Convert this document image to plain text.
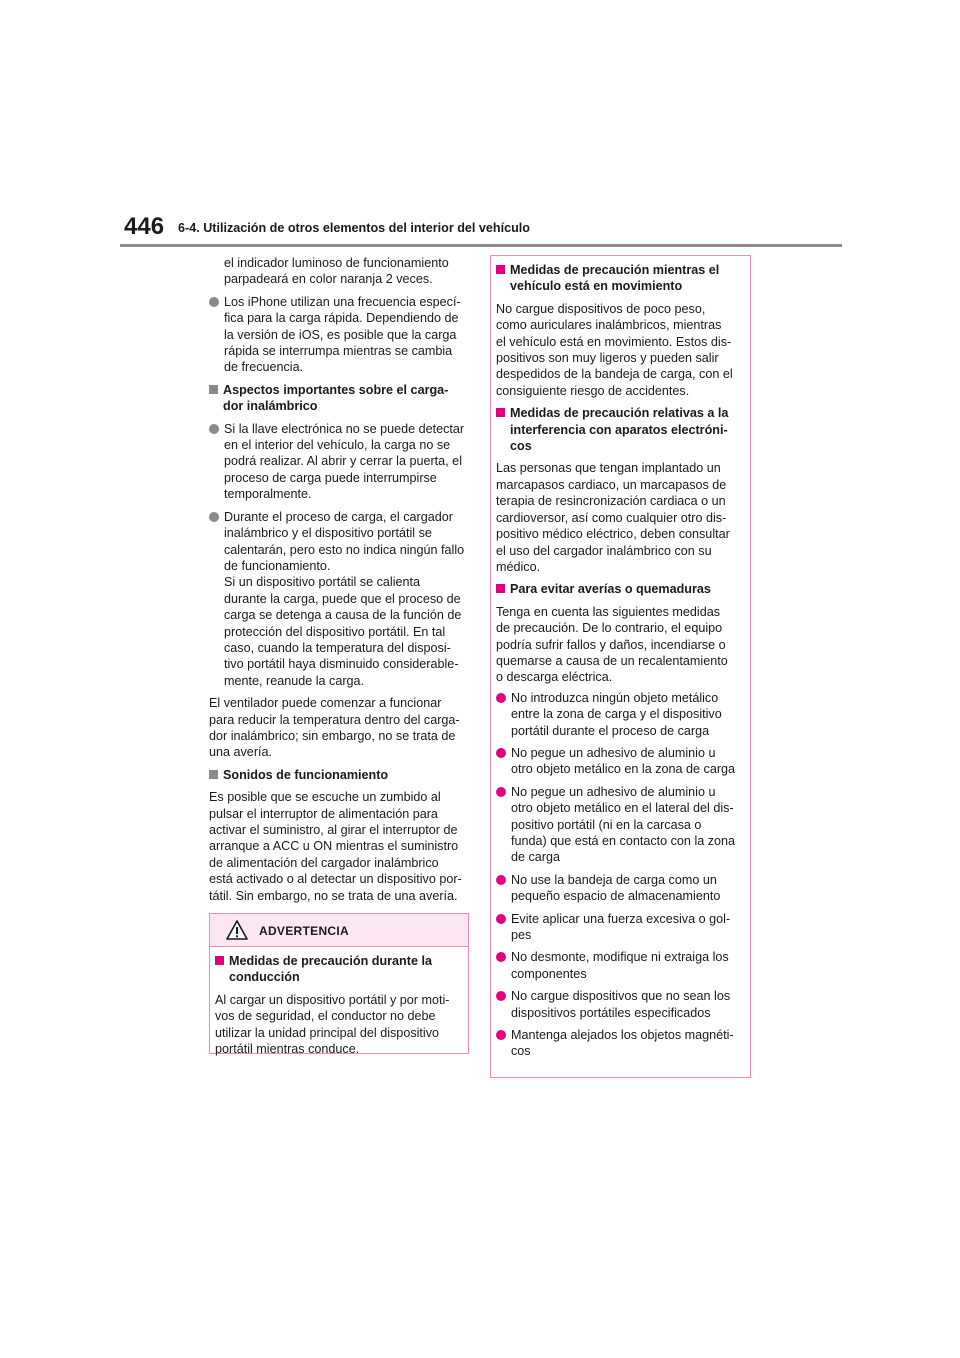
446 6-4. Utilización de otros elementos del interior del vehículo

el indicador luminoso de funcionamiento
parpadeará en color naranja 2 veces.

Los iPhone utilizan una frecuencia especí-
fica para la carga rápida. Dependiendo de
la versión de iOS, es posible que la carga
rápida se interrumpa mientras se cambia
de frecuencia.
Aspectos importantes sobre el carga-
dor inalámbrico
Si la llave electrónica no se puede detectar
en el interior del vehículo, la carga no se
podrá realizar. Al abrir y cerrar la puerta, el
proceso de carga puede interrumpirse
temporalmente.
Durante el proceso de carga, el cargador
inalámbrico y el dispositivo portátil se
calentarán, pero esto no indica ningún fallo
de funcionamiento.

Si un dispositivo portátil se calienta
durante la carga, puede que el proceso de
carga se detenga a causa de la función de
protección del dispositivo portátil. En tal
caso, cuando la temperatura del disposi-
tivo portátil haya disminuido considerable-
mente, reanude la carga.

El ventilador puede comenzar a funcionar
para reducir la temperatura dentro del carga-
dor inalámbrico; sin embargo, no se trata de
una avería.

Sonidos de funcionamiento

Es posible que se escuche un zumbido al
pulsar el interruptor de alimentación para
activar el suministro, al girar el interruptor de
arranque a ACC u ON mientras el suministro
de alimentación del cargador inalámbrico
está activado o al detectar un dispositivo por-
tátil. Sin embargo, no se trata de una avería.

ADVERTENCIA
Medidas de precaución durante la
conducción

Al cargar un dispositivo portátil y por moti-
vos de seguridad, el conductor no debe
utilizar la unidad principal del dispositivo
portátil mientras conduce.

Medidas de precaución mientras el
vehículo está en movimiento

No cargue dispositivos de poco peso,
como auriculares inalámbricos, mientras
el vehículo está en movimiento. Estos dis-
positivos son muy ligeros y pueden salir
despedidos de la bandeja de carga, con el
consiguiente riesgo de accidentes.

Medidas de precaución relativas a la
interferencia con aparatos electróni-
cos

Las personas que tengan implantado un
marcapasos cardiaco, un marcapasos de
terapia de resincronización cardiaca o un
cardioversor, así como cualquier otro dis-
positivo médico eléctrico, deben consultar
el uso del cargador inalámbrico con su
médico.

Para evitar averías o quemaduras

Tenga en cuenta las siguientes medidas
de precaución. De lo contrario, el equipo
podría sufrir fallos y daños, incendiarse o
quemarse a causa de un recalentamiento
o descarga eléctrica.

No introduzca ningún objeto metálico
entre la zona de carga y el dispositivo
portátil durante el proceso de carga
No pegue un adhesivo de aluminio u
otro objeto metálico en la zona de carga
No pegue un adhesivo de aluminio u
otro objeto metálico en el lateral del dis-
positivo portátil (ni en la carcasa o
funda) que está en contacto con la zona
de carga
No use la bandeja de carga como un
pequeño espacio de almacenamiento
Evite aplicar una fuerza excesiva o gol-
pes
No desmonte, modifique ni extraiga los
componentes
No cargue dispositivos que no sean los
dispositivos portátiles especificados
Mantenga alejados los objetos magnéti-
cos
